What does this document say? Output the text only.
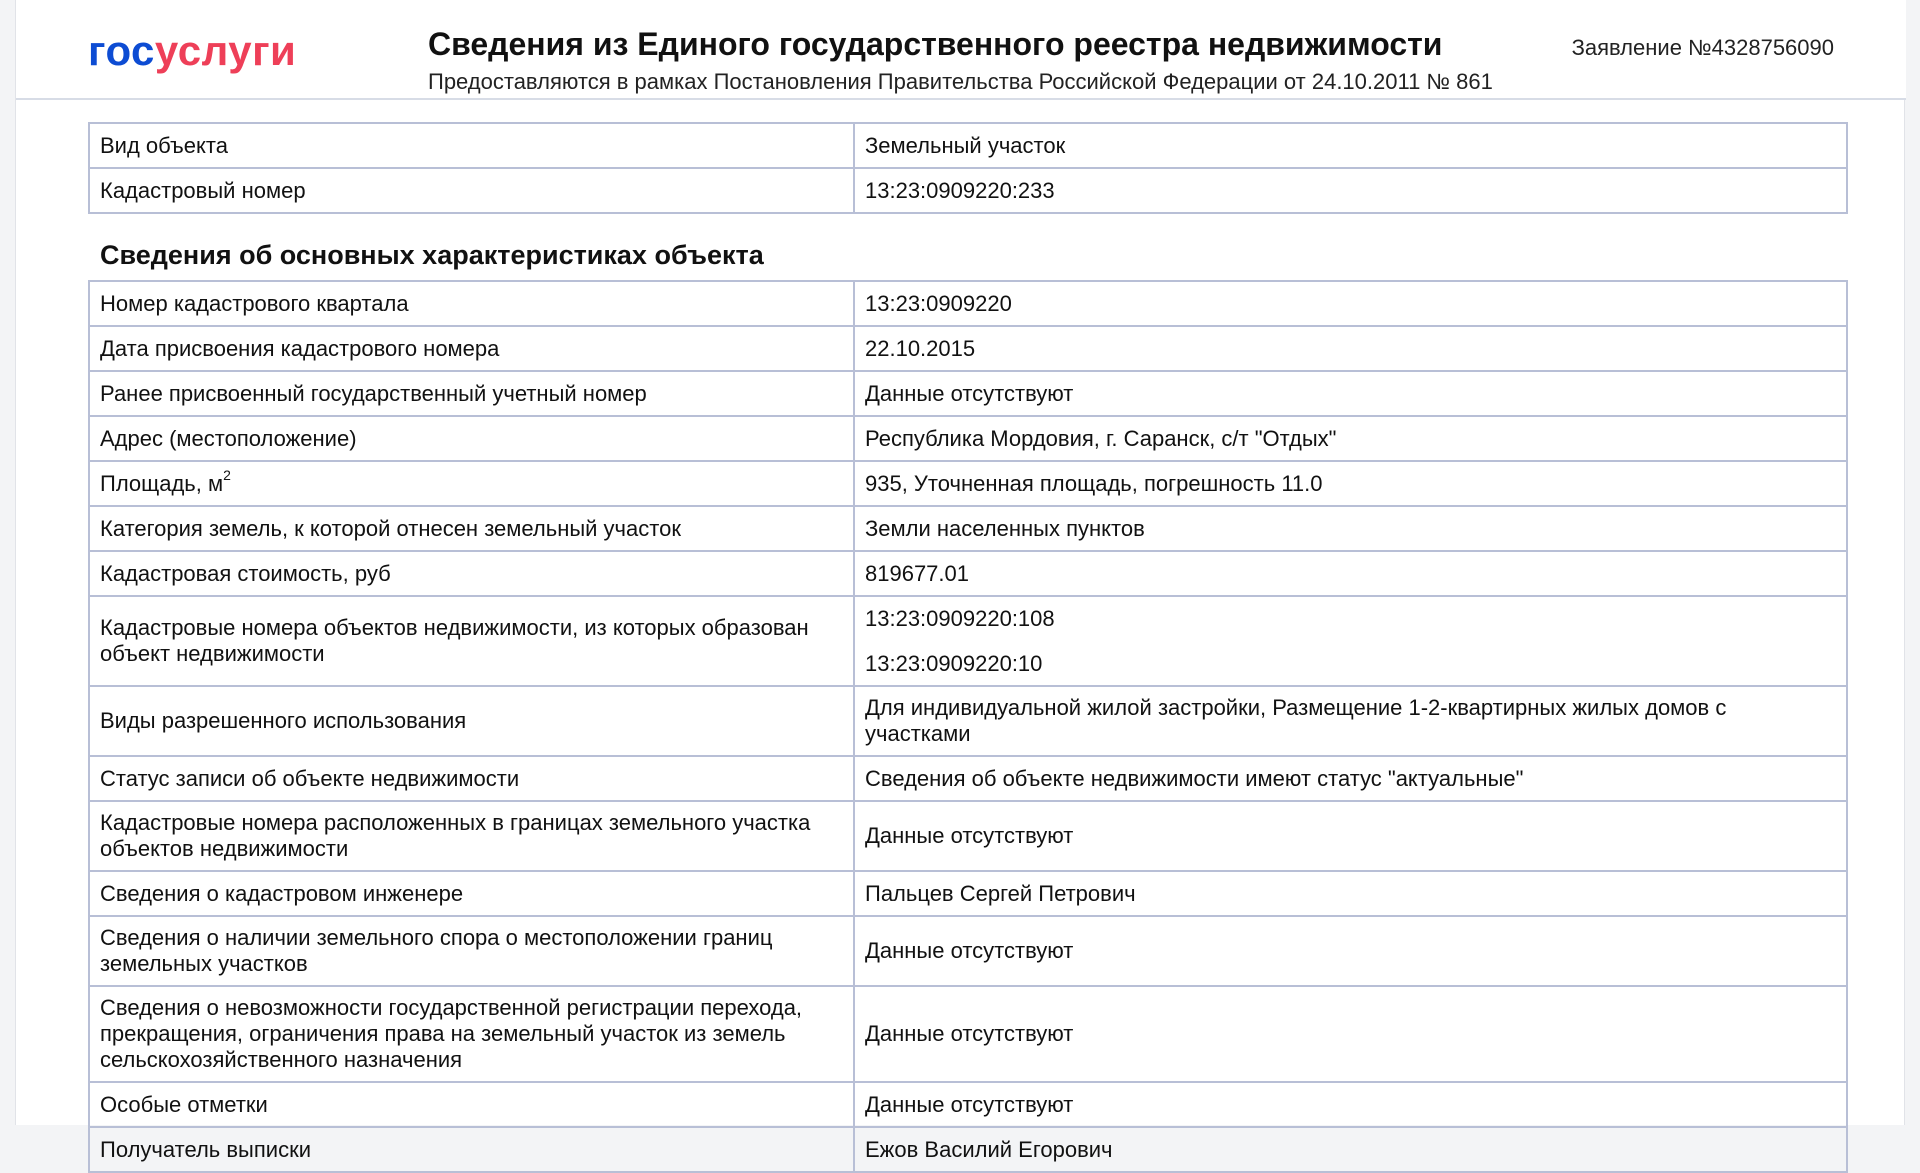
госуслуги	Сведения из Единого государственного реестра недвижимости
Предоставляются в рамках Постановления Правительства Российской Федерации от 24.10.2011 № 861
Заявление №4328756090
Вид объекта	Земельный участок
Кадастровый номер	13:23:0909220:233
Сведения об основных характеристиках объекта
Номер кадастрового квартала	13:23:0909220
Дата присвоения кадастрового номера	22.10.2015
Ранее присвоенный государственный учетный номер	Данные отсутствуют
Адрес (местоположение)	Республика Мордовия, г. Саранск, с/т "Отдых"
Площадь, $м^2$	935, Уточненная площадь, погрешность 11.0
Категория земель, к которой отнесен земельный участок	Земли населенных пунктов
Кадастровая стоимость, руб	819677.01
Кадастровые номера объектов недвижимости, из которых образован объект недвижимости	13:23:0909220:108
13:23:0909220:10

Виды разрешенного использования	Для индивидуальной жилой застройки, Размещение 1-2-квартирных жилых домов с участками
Статус записи об объекте недвижимости	Сведения об объекте недвижимости имеют статус "актуальные"
Кадастровые номера расположенных в границах земельного участка объектов недвижимости	Данные отсутствуют
Сведения о кадастровом инженере	Пальцев Сергей Петрович
Сведения о наличии земельного спора о местоположении границ земельных участков	Данные отсутствуют
Сведения о невозможности государственной регистрации перехода, прекращения, ограничения права на земельный участок из земель сельскохозяйственного назначения	Данные отсутствуют
Особые отметки	Данные отсутствуют
Получатель выписки	Ежов Василий Егорович
